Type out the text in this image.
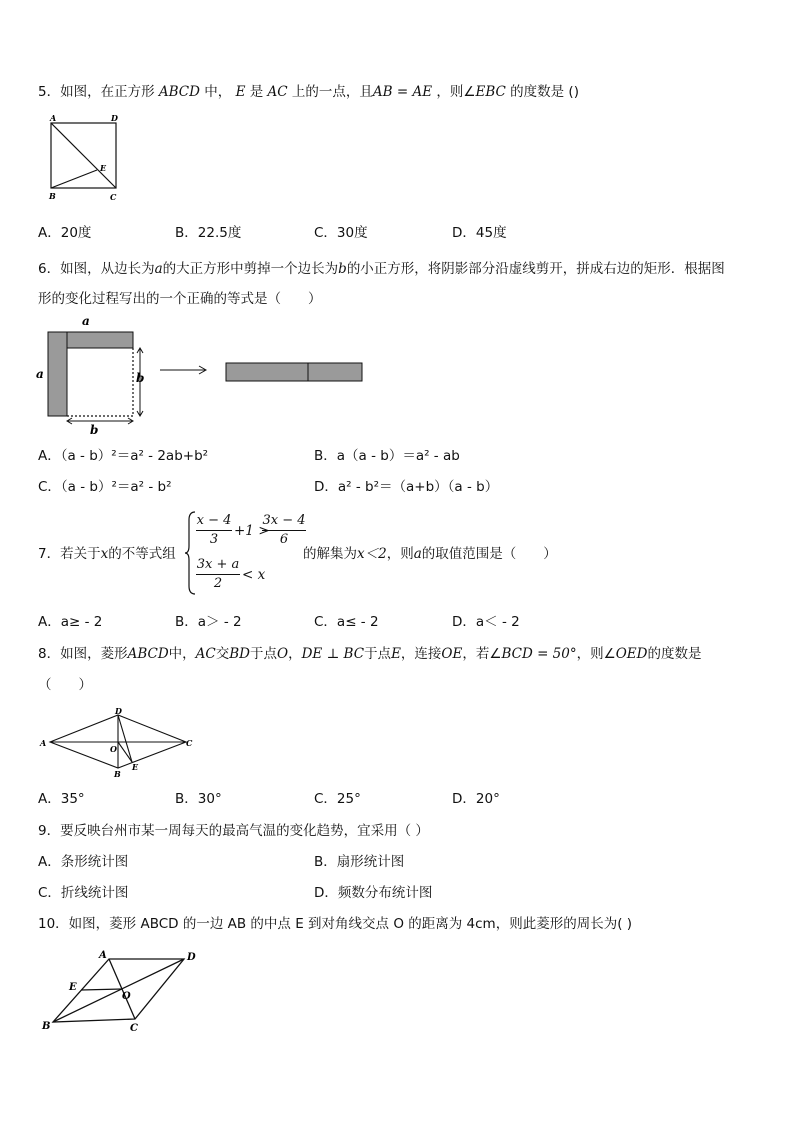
5．如图，在正方形 ABCD 中， E 是 AC 上的一点，且AB = AE ，则∠EBC 的度数是 ()
A	D
B	C
E
A．20度	B．22.5度	C．30度	D．45度
6．如图，从边长为a的大正方形中剪掉一个边长为b的小正方形，将阴影部分沿虚线剪开，拼成右边的矩形．根据图
形的变化过程写出的一个正确的等式是（　　）
a
a	b
b
A．（a - b）²＝a² - 2ab+b²	B．a（a - b）＝a² - ab
C．（a - b）²＝a² - b²	D．a² - b²＝（a+b）（a - b）
7．若关于x的不等式组
x − 4
3
+1 >
3x − 4
6
3x + a
2
< x
的解集为x＜2，则a的取值范围是（　　）
A．a≥ - 2	B．a＞ - 2	C．a≤ - 2	D．a＜ - 2
8．如图，菱形ABCD中，AC交BD于点O，DE ⊥ BC于点E，连接OE，若∠BCD = 50°，则∠OED的度数是
（　　）
A	C
D
B
O
E
A．35°	B．30°	C．25°	D．20°
9．要反映台州市某一周每天的最高气温的变化趋势，宜采用（ ）
A．条形统计图	B．扇形统计图
C．折线统计图	D．频数分布统计图
10．如图，菱形 ABCD 的一边 AB 的中点 E 到对角线交点 O 的距离为 4cm，则此菱形的周长为( )
A	D
E
O
B	C
